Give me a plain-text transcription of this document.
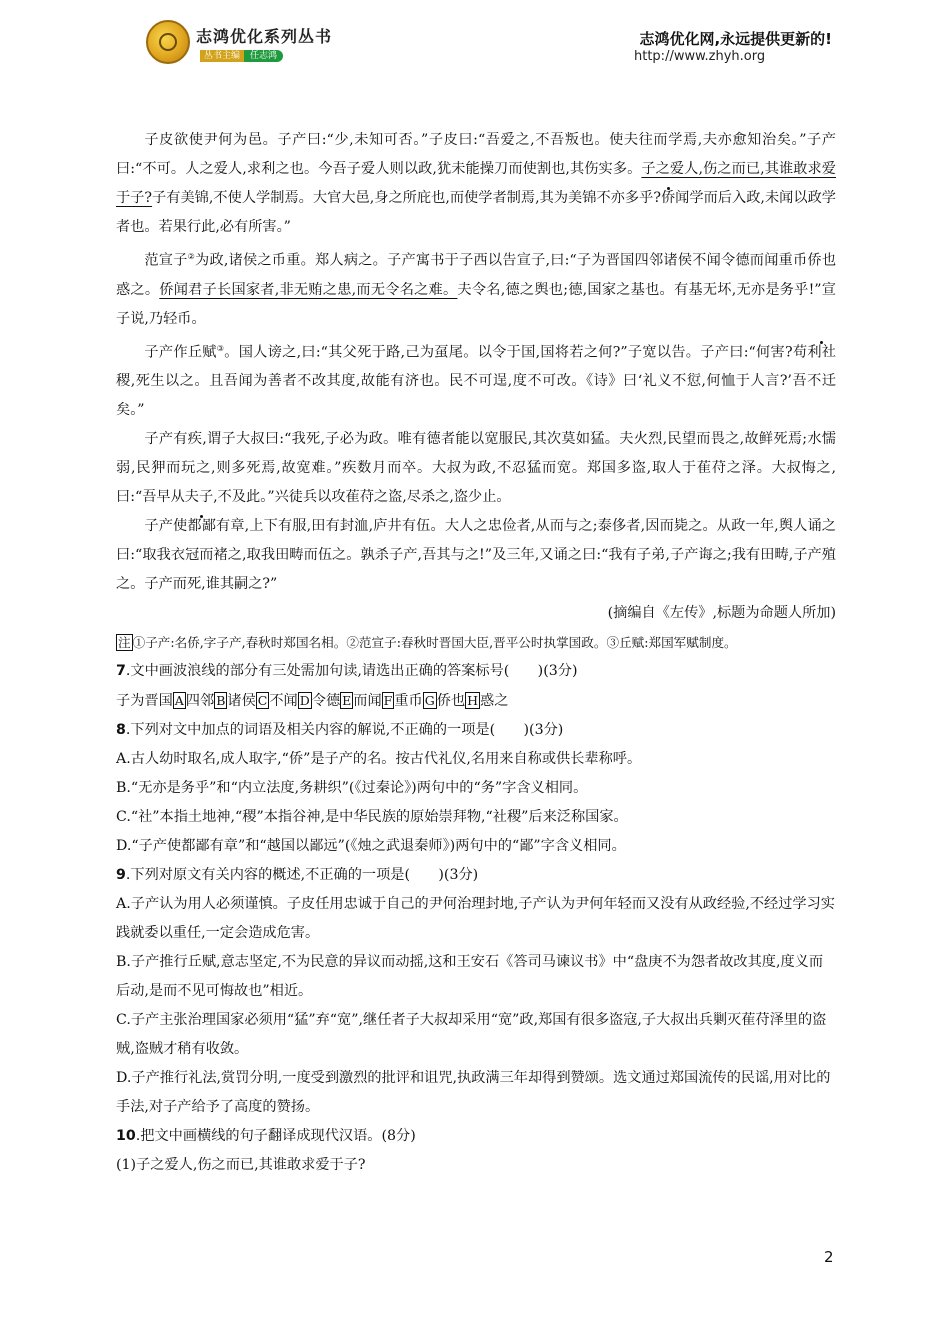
志鸿优化系列丛书
丛书主编 任志鸿
志鸿优化网,永远提供更新的!
http://www.zhyh.org

子皮欲使尹何为邑。子产曰:“少,未知可否。”子皮曰:“吾爱之,不吾叛也。使夫往而学焉,夫亦愈知治矣。”子产曰:“不可。人之爱人,求利之也。今吾子爱人则以政,犹未能操刀而使割也,其伤实多。子之爱人,伤之而已,其谁敢求爱于子?子有美锦,不使人学制焉。大官大邑,身之所庇也,而使学者制焉,其为美锦不亦多乎?侨闻学而后入政,未闻以政学者也。若果行此,必有所害。”

范宣子②为政,诸侯之币重。郑人病之。子产寓书于子西以告宣子,曰:“子为晋国四邻诸侯不闻令德而闻重币侨也惑之。侨闻君子长国家者,非无贿之患,而无令名之难。夫令名,德之舆也;德,国家之基也。有基无坏,无亦是务乎!”宣子说,乃轻币。

子产作丘赋③。国人谤之,曰:“其父死于路,己为虿尾。以令于国,国将若之何?”子宽以告。子产曰:“何害?苟利社稷,死生以之。且吾闻为善者不改其度,故能有济也。民不可逞,度不可改。《诗》曰‘礼义不愆,何恤于人言?’吾不迁矣。”

子产有疾,谓子大叔曰:“我死,子必为政。唯有德者能以宽服民,其次莫如猛。夫火烈,民望而畏之,故鲜死焉;水懦弱,民狎而玩之,则多死焉,故宽难。”疾数月而卒。大叔为政,不忍猛而宽。郑国多盗,取人于萑苻之泽。大叔悔之,曰:“吾早从夫子,不及此。”兴徒兵以攻萑苻之盗,尽杀之,盗少止。

子产使都鄙有章,上下有服,田有封洫,庐井有伍。大人之忠俭者,从而与之;泰侈者,因而毙之。从政一年,舆人诵之曰:“取我衣冠而褚之,取我田畴而伍之。孰杀子产,吾其与之!”及三年,又诵之曰:“我有子弟,子产诲之;我有田畴,子产殖之。子产而死,谁其嗣之?”

(摘编自《左传》,标题为命题人所加)

注 ①子产:名侨,字子产,春秋时郑国名相。②范宣子:春秋时晋国大臣,晋平公时执掌国政。③丘赋:郑国军赋制度。

7.文中画波浪线的部分有三处需加句读,请选出正确的答案标号(　　)(3分)

子为晋国 A 四邻 B 诸侯 C 不闻 D 令德 E 而闻 F 重币 G 侨也 H 惑之

8.下列对文中加点的词语及相关内容的解说,不正确的一项是(　　)(3分)

A.古人幼时取名,成人取字,“侨”是子产的名。按古代礼仪,名用来自称或供长辈称呼。

B.“无亦是务乎”和“内立法度,务耕织”(《过秦论》)两句中的“务”字含义相同。

C.“社”本指土地神,“稷”本指谷神,是中华民族的原始崇拜物,“社稷”后来泛称国家。

D.“子产使都鄙有章”和“越国以鄙远”(《烛之武退秦师》)两句中的“鄙”字含义相同。

9.下列对原文有关内容的概述,不正确的一项是(　　)(3分)

A.子产认为用人必须谨慎。子皮任用忠诚于自己的尹何治理封地,子产认为尹何年轻而又没有从政经验,不经过学习实践就委以重任,一定会造成危害。

B.子产推行丘赋,意志坚定,不为民意的异议而动摇,这和王安石《答司马谏议书》中“盘庚不为怨者故改其度,度义而后动,是而不见可悔故也”相近。

C.子产主张治理国家必须用“猛”弃“宽”,继任者子大叔却采用“宽”政,郑国有很多盗寇,子大叔出兵剿灭萑苻泽里的盗贼,盗贼才稍有收敛。

D.子产推行礼法,赏罚分明,一度受到激烈的批评和诅咒,执政满三年却得到赞颂。选文通过郑国流传的民谣,用对比的手法,对子产给予了高度的赞扬。

10.把文中画横线的句子翻译成现代汉语。(8分)

(1)子之爱人,伤之而已,其谁敢求爱于子?

2
